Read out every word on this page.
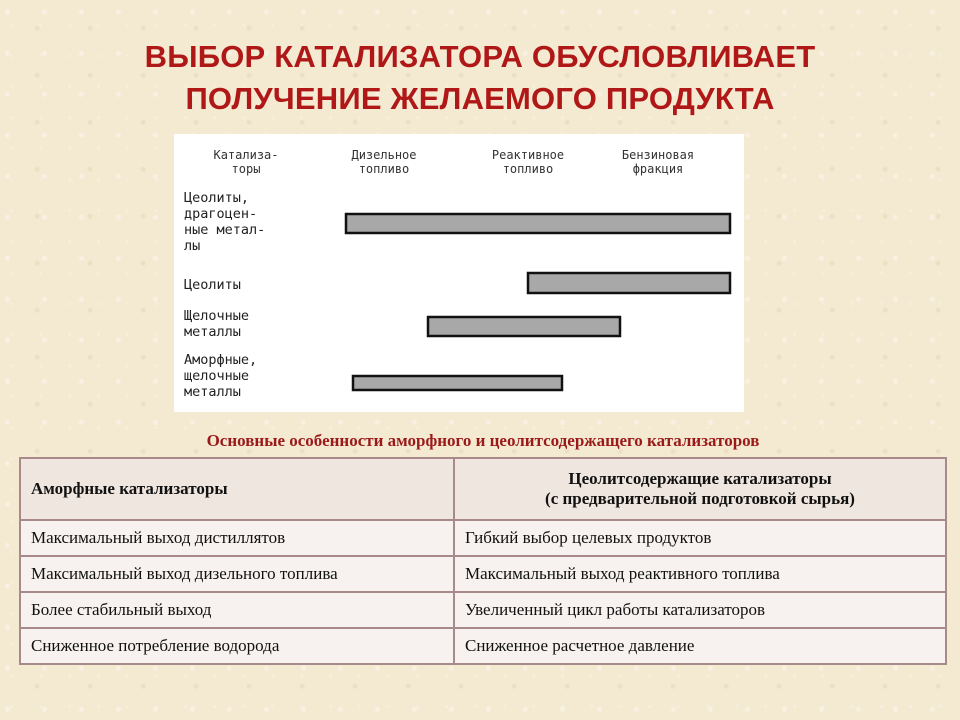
ВЫБОР КАТАЛИЗАТОРА ОБУСЛОВЛИВАЕТ
ПОЛУЧЕНИЕ ЖЕЛАЕМОГО ПРОДУКТА
Катализа-
торы
Дизельное
топливо
Реактивное
топливо
Бензиновая
фракция
Цеолиты,
драгоцен-
ные метал-
лы
Цеолиты
Щелочные
металлы
Аморфные,
щелочные
металлы
Основные особенности аморфного и цеолитсодержащего катализаторов
Аморфные катализаторы	Цеолитсодержащие катализаторы
(с предварительной подготовкой сырья)

Максимальный выход дистиллятов	Гибкий выбор целевых продуктов
Максимальный выход дизельного топлива	Максимальный выход реактивного топлива
Более стабильный выход	Увеличенный цикл работы катализаторов
Сниженное потребление водорода	Сниженное расчетное давление
